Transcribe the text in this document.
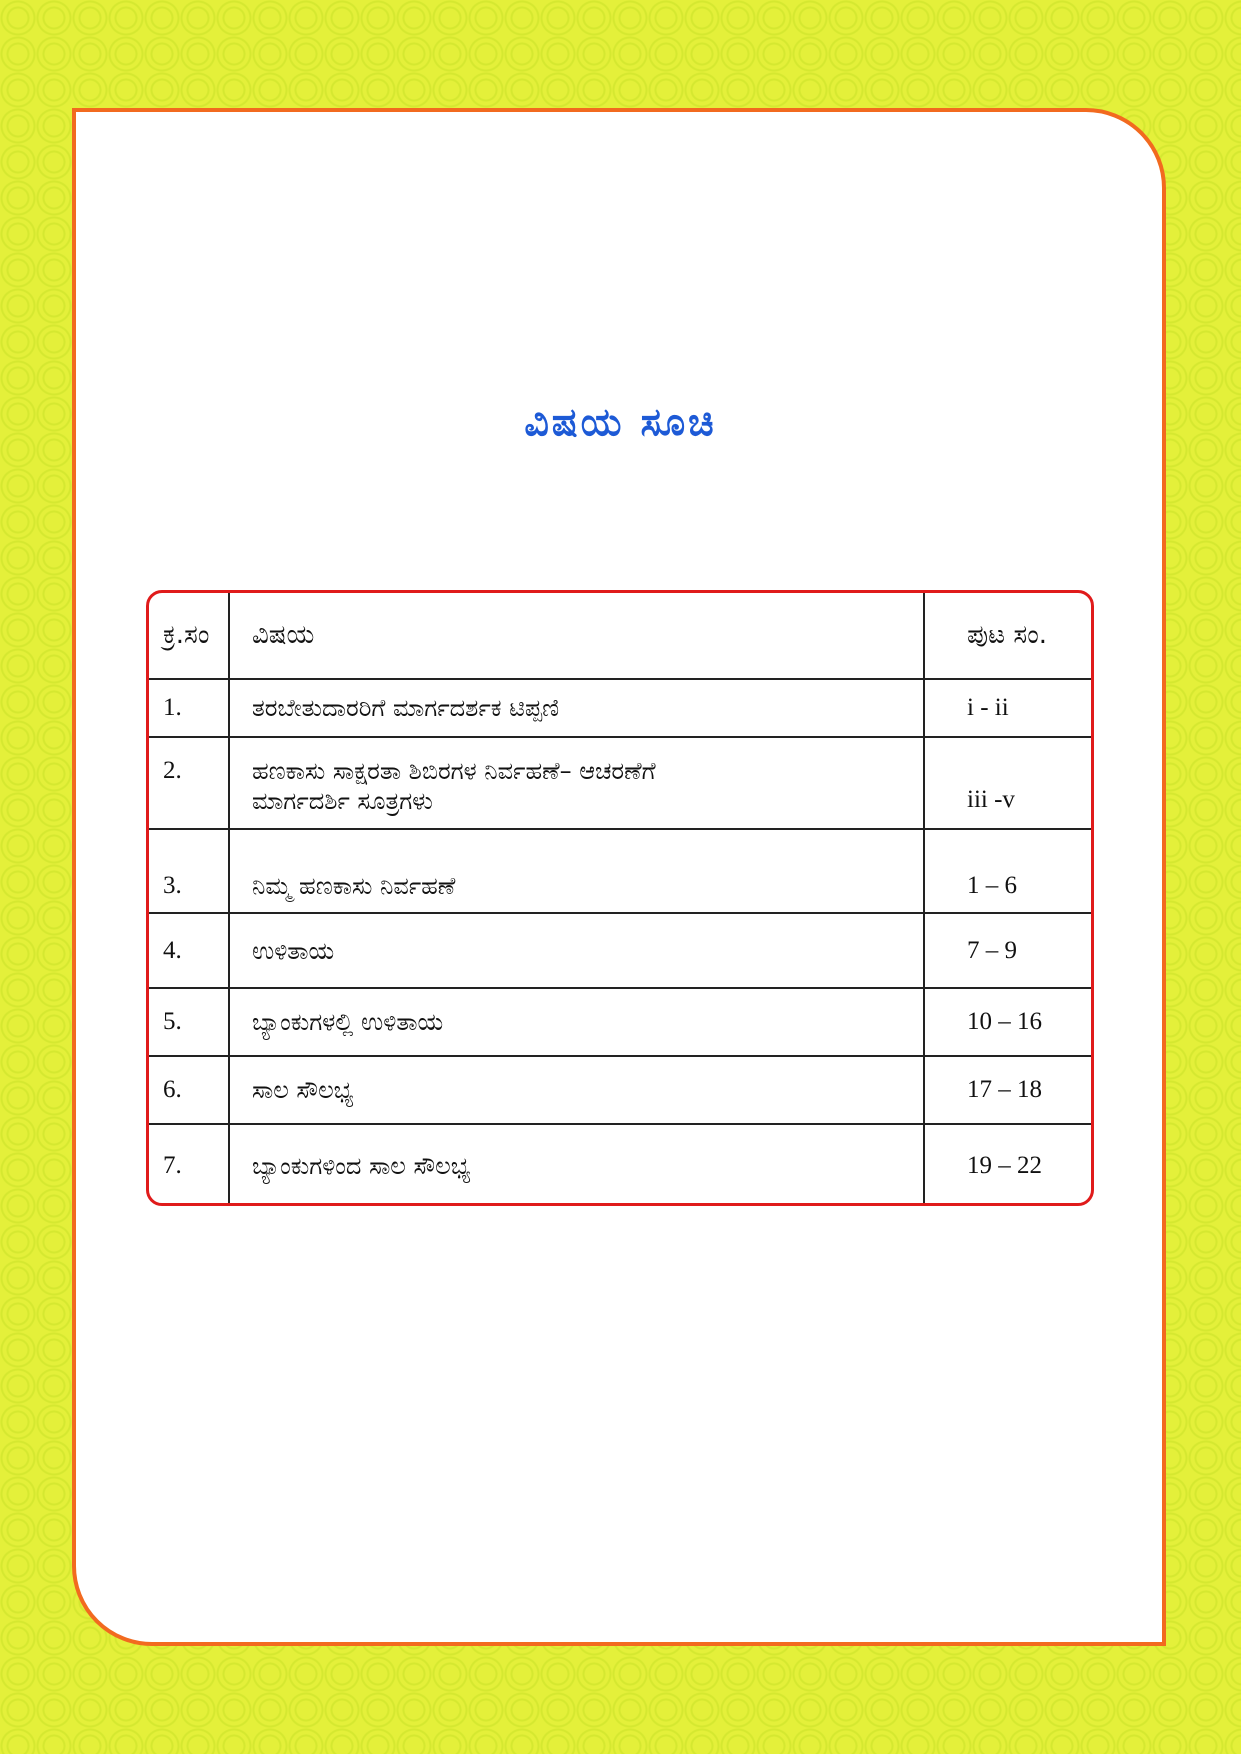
ವಿಷಯ ಸೂಚಿ
ಕ್ರ.ಸಂ	ವಿಷಯ	ಪುಟ ಸಂ.
1.	ತರಬೇತುದಾರರಿಗೆ ಮಾರ್ಗದರ್ಶಕ ಟಿಪ್ಪಣಿ	i - ii
2.	ಹಣಕಾಸು ಸಾಕ್ಷರತಾ ಶಿಬಿರಗಳ ನಿರ್ವಹಣೆ– ಆಚರಣೆಗೆ
ಮಾರ್ಗದರ್ಶಿ ಸೂತ್ರಗಳು	iii -v
3.	ನಿಮ್ಮ ಹಣಕಾಸು ನಿರ್ವಹಣೆ	1 – 6
4.	ಉಳಿತಾಯ	7 – 9
5.	ಬ್ಯಾಂಕುಗಳಲ್ಲಿ ಉಳಿತಾಯ	10 – 16
6.	ಸಾಲ ಸೌಲಭ್ಯ	17 – 18
7.	ಬ್ಯಾಂಕುಗಳಿಂದ ಸಾಲ ಸೌಲಭ್ಯ	19 – 22
